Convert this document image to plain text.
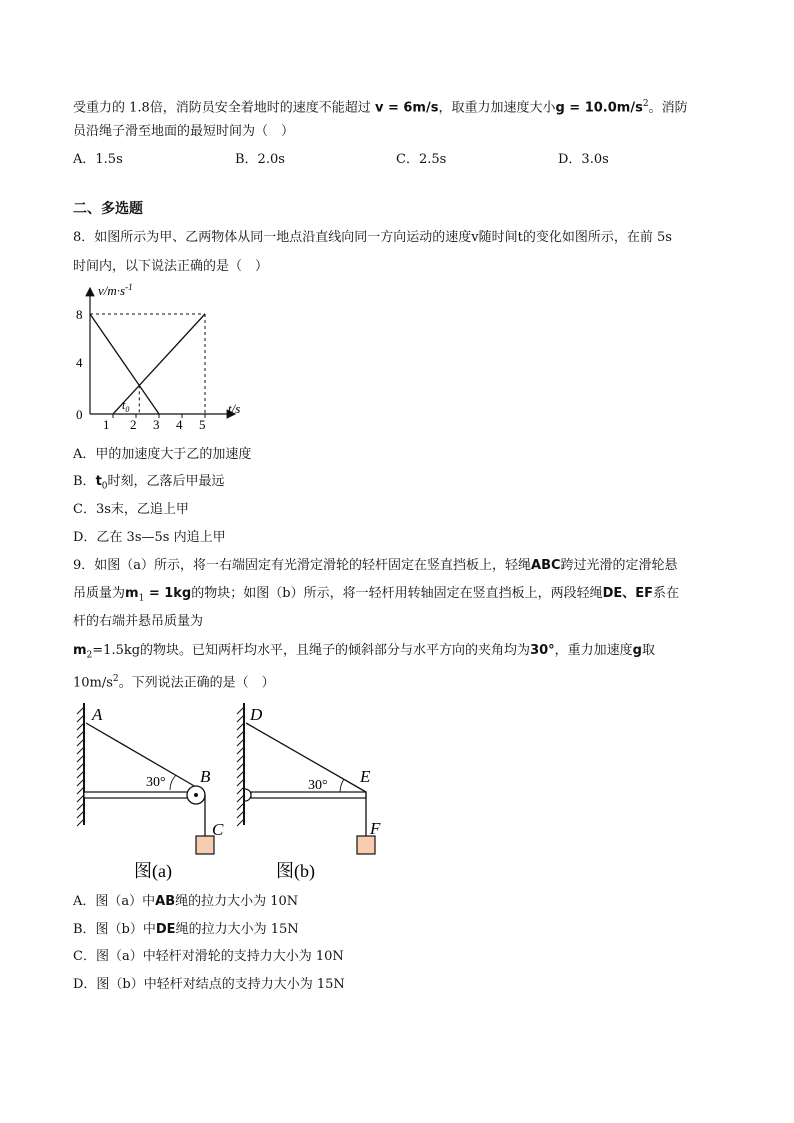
受重力的 1.8倍，消防员安全着地时的速度不能超过 v = 6m/s，取重力加速度大小$g = 10.0m/s^2$。消防
员沿绳子滑至地面的最短时间为（　）
A．1.5s	B．2.0s	C．2.5s	D．3.0s
二、多选题
8．如图所示为甲、乙两物体从同一地点沿直线向同一方向运动的速度v随时间t的变化如图所示，在前 5s
时间内，以下说法正确的是（　）
$v/m\cdot s^{-1}$
t/s
8
4
0
1 2 3 4 5
$t_0$
A．甲的加速度大于乙的加速度
B．$t_0$时刻，乙落后甲最远
C．3s末，乙追上甲
D．乙在 3s—5s 内追上甲
9．如图（a）所示，将一右端固定有光滑定滑轮的轻杆固定在竖直挡板上，轻绳ABC跨过光滑的定滑轮悬
吊质量为$m_1 = 1kg$的物块；如图（b）所示，将一轻杆用转轴固定在竖直挡板上，两段轻绳DE、EF系在
杆的右端并悬吊质量为
$m_2=1.5kg$的物块。已知两杆均水平，且绳子的倾斜部分与水平方向的夹角均为30°，重力加速度g取
$10m/s^2$。下列说法正确的是（　）
A
B
C
30°
图(a)
D
E
F
30°
图(b)
A．图（a）中AB绳的拉力大小为 10N
B．图（b）中DE绳的拉力大小为 15N
C．图（a）中轻杆对滑轮的支持力大小为 10N
D．图（b）中轻杆对结点的支持力大小为 15N
